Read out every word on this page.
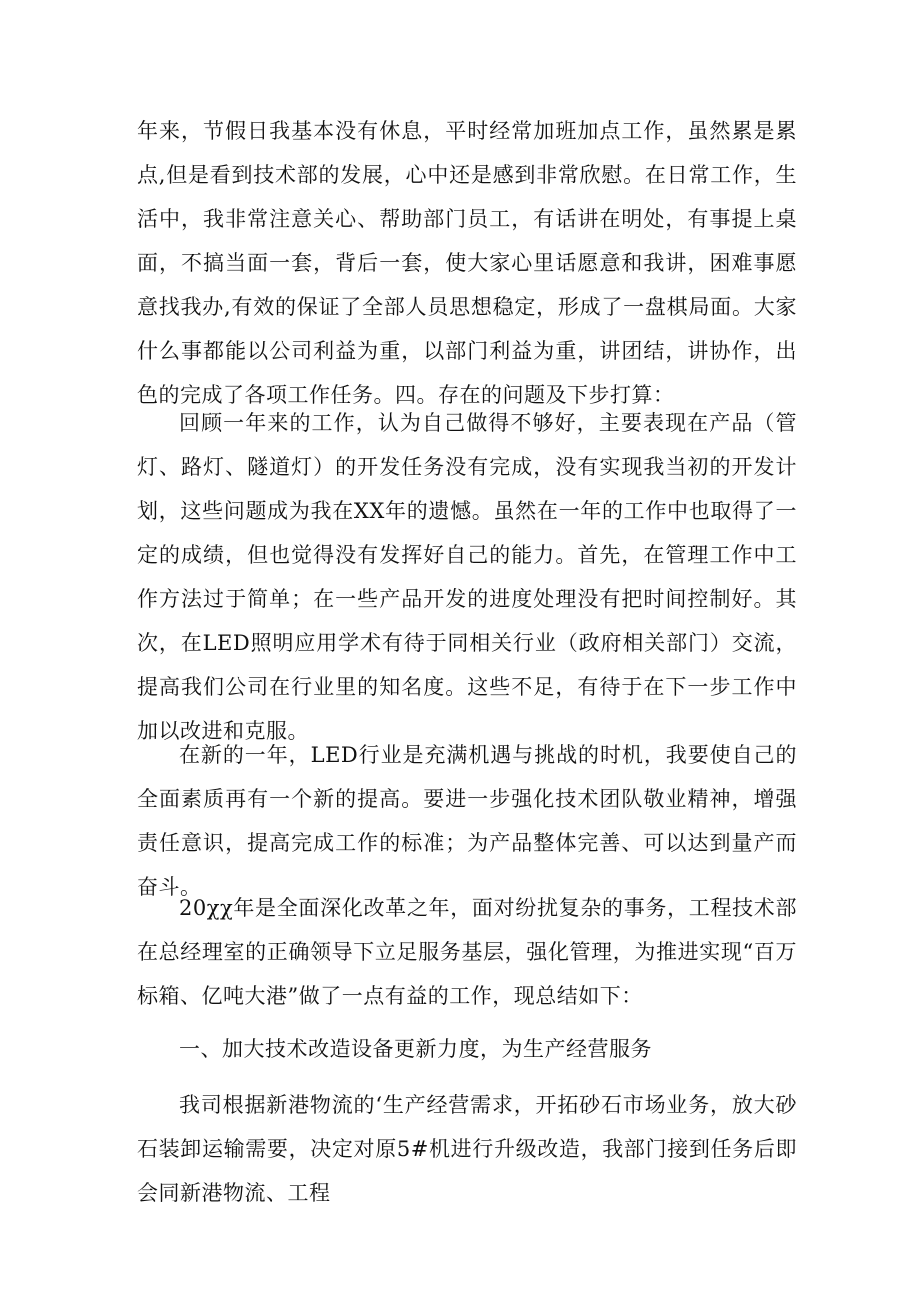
年来，节假日我基本没有休息，平时经常加班加点工作，虽然累是累点,但是看到技术部的发展，心中还是感到非常欣慰。在日常工作，生活中，我非常注意关心、帮助部门员工，有话讲在明处，有事提上桌面，不搞当面一套，背后一套，使大家心里话愿意和我讲，困难事愿意找我办,有效的保证了全部人员思想稳定，形成了一盘棋局面。大家什么事都能以公司利益为重，以部门利益为重，讲团结，讲协作，出色的完成了各项工作任务。四。存在的问题及下步打算：

回顾一年来的工作，认为自己做得不够好，主要表现在产品（管灯、路灯、隧道灯）的开发任务没有完成，没有实现我当初的开发计划，这些问题成为我在XX年的遗憾。虽然在一年的工作中也取得了一定的成绩，但也觉得没有发挥好自己的能力。首先，在管理工作中工作方法过于简单；在一些产品开发的进度处理没有把时间控制好。其次，在LED照明应用学术有待于同相关行业（政府相关部门）交流，提高我们公司在行业里的知名度。这些不足，有待于在下一步工作中加以改进和克服。

在新的一年，LED行业是充满机遇与挑战的时机，我要使自己的全面素质再有一个新的提高。要进一步强化技术团队敬业精神，增强责任意识，提高完成工作的标准；为产品整体完善、可以达到量产而奋斗。

20χχ年是全面深化改革之年，面对纷扰复杂的事务，工程技术部在总经理室的正确领导下立足服务基层，强化管理，为推进实现“百万标箱、亿吨大港”做了一点有益的工作，现总结如下：

一、加大技术改造设备更新力度，为生产经营服务

我司根据新港物流的‘生产经营需求，开拓砂石市场业务，放大砂石装卸运输需要，决定对原5#机进行升级改造，我部门接到任务后即会同新港物流、工程
